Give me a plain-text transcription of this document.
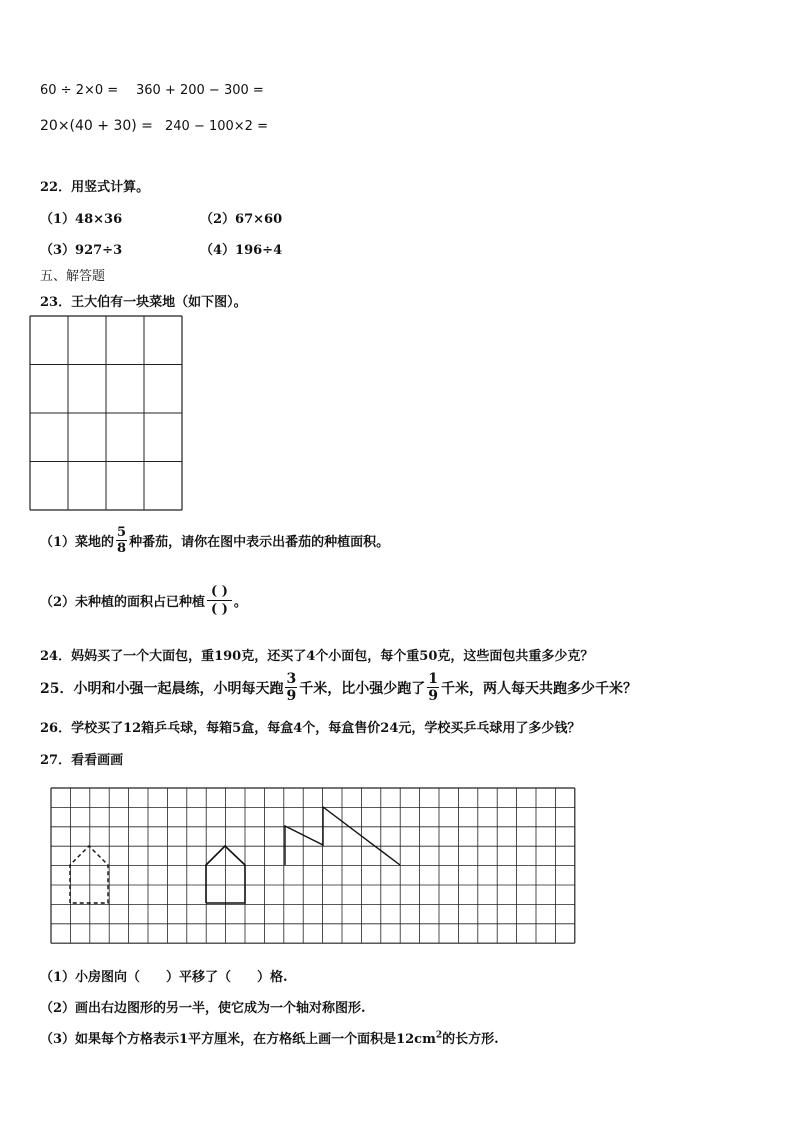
60 ÷ 2×0 = 360 + 200 − 300 =
20×(40 + 30) = 240 − 100×2 =
22．用竖式计算。
（1）48×36	（2）67×60
（3）927÷3	（4）196÷4
五、解答题
23．王大伯有一块菜地（如下图）。
（1）菜地的 $\frac{5}{8}$ 种番茄，请你在图中表示出番茄的种植面积。
（2）未种植的面积占已种植
( )
( ) 。
24．妈妈买了一个大面包，重190克，还买了4个小面包，每个重50克，这些面包共重多少克？
25．小明和小强一起晨练，小明每天跑 $\frac{3}{9}$ 千米，比小强少跑了 $\frac{1}{9}$ 千米，两人每天共跑多少千米？
26．学校买了12箱乒乓球，每箱5盒，每盒4个，每盒售价24元，学校买乒乓球用了多少钱？
27．看看画画
（1）小房图向（　　）平移了（　　）格.
（2）画出右边图形的另一半，使它成为一个轴对称图形.
（3）如果每个方格表示1平方厘米，在方格纸上画一个面积是$12cm^2$的长方形.
